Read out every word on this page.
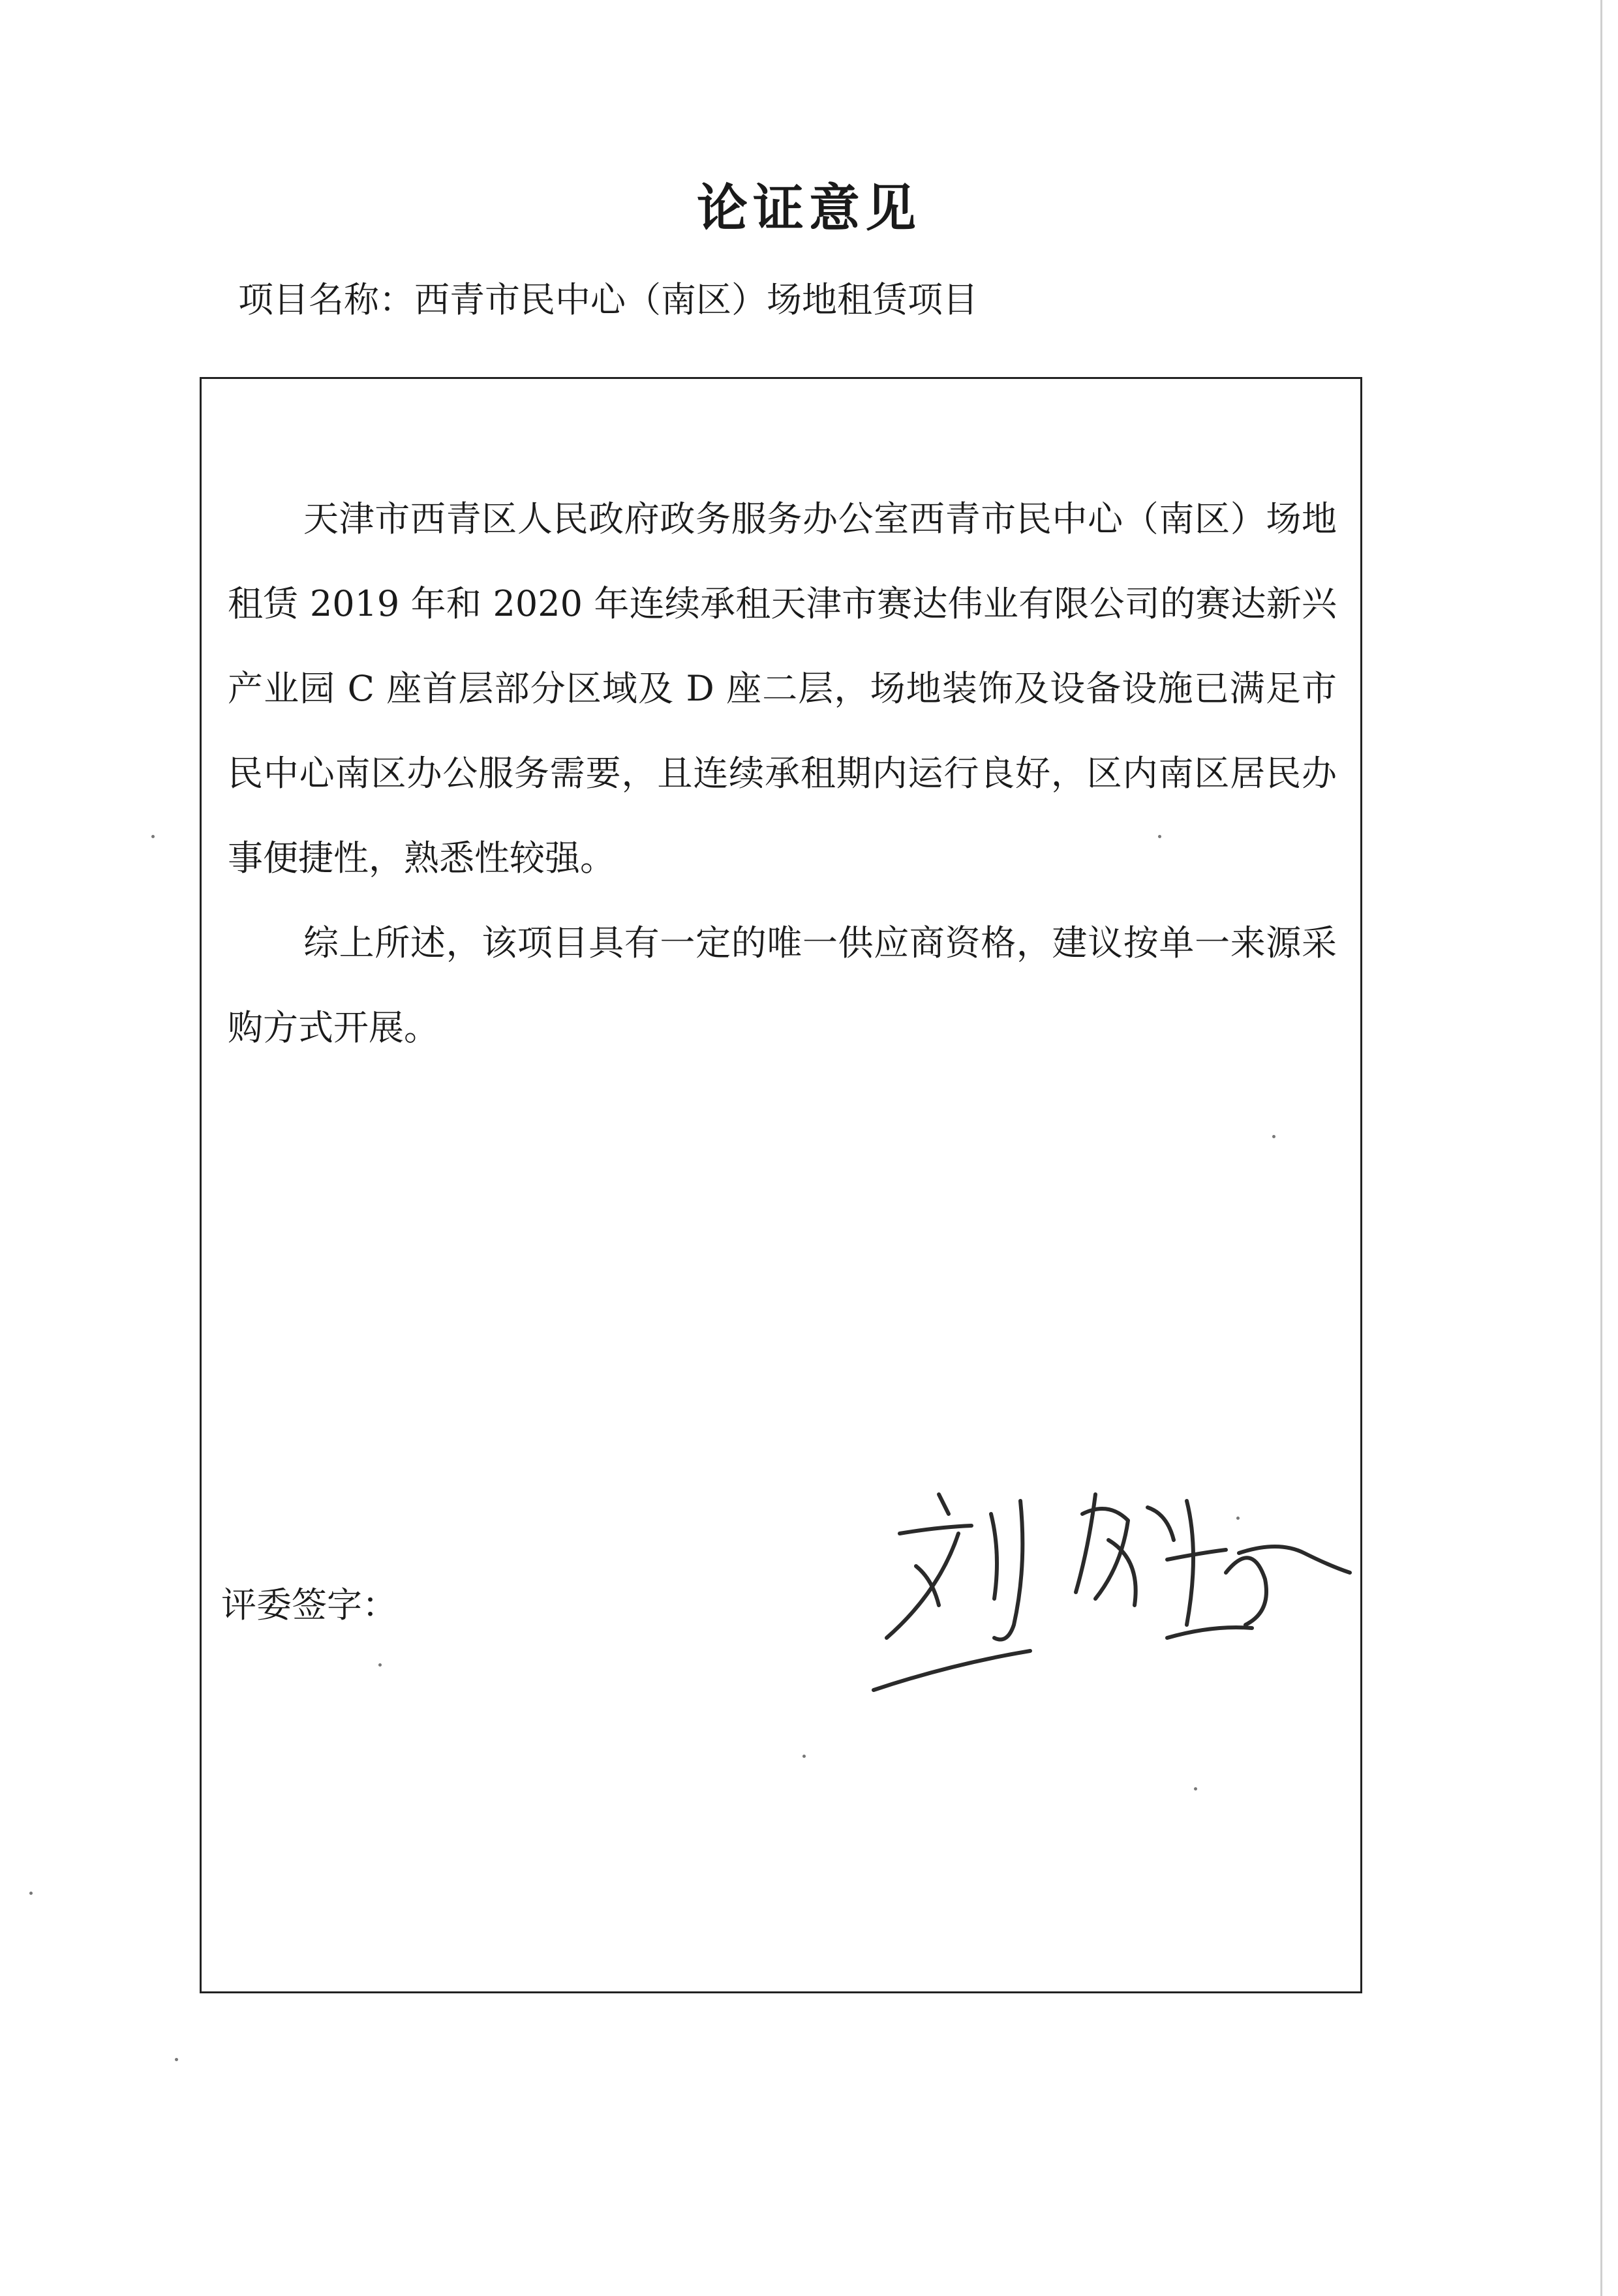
论证意见
项目名称：西青市民中心（南区）场地租赁项目

天津市西青区人民政府政务服务办公室西青市民中心（南区）场地租赁 2019 年和 2020 年连续承租天津市赛达伟业有限公司的赛达新兴产业园 C 座首层部分区域及 D 座二层，场地装饰及设备设施已满足市民中心南区办公服务需要，且连续承租期内运行良好，区内南区居民办事便捷性，熟悉性较强。

综上所述，该项目具有一定的唯一供应商资格，建议按单一来源采购方式开展。

评委签字：
